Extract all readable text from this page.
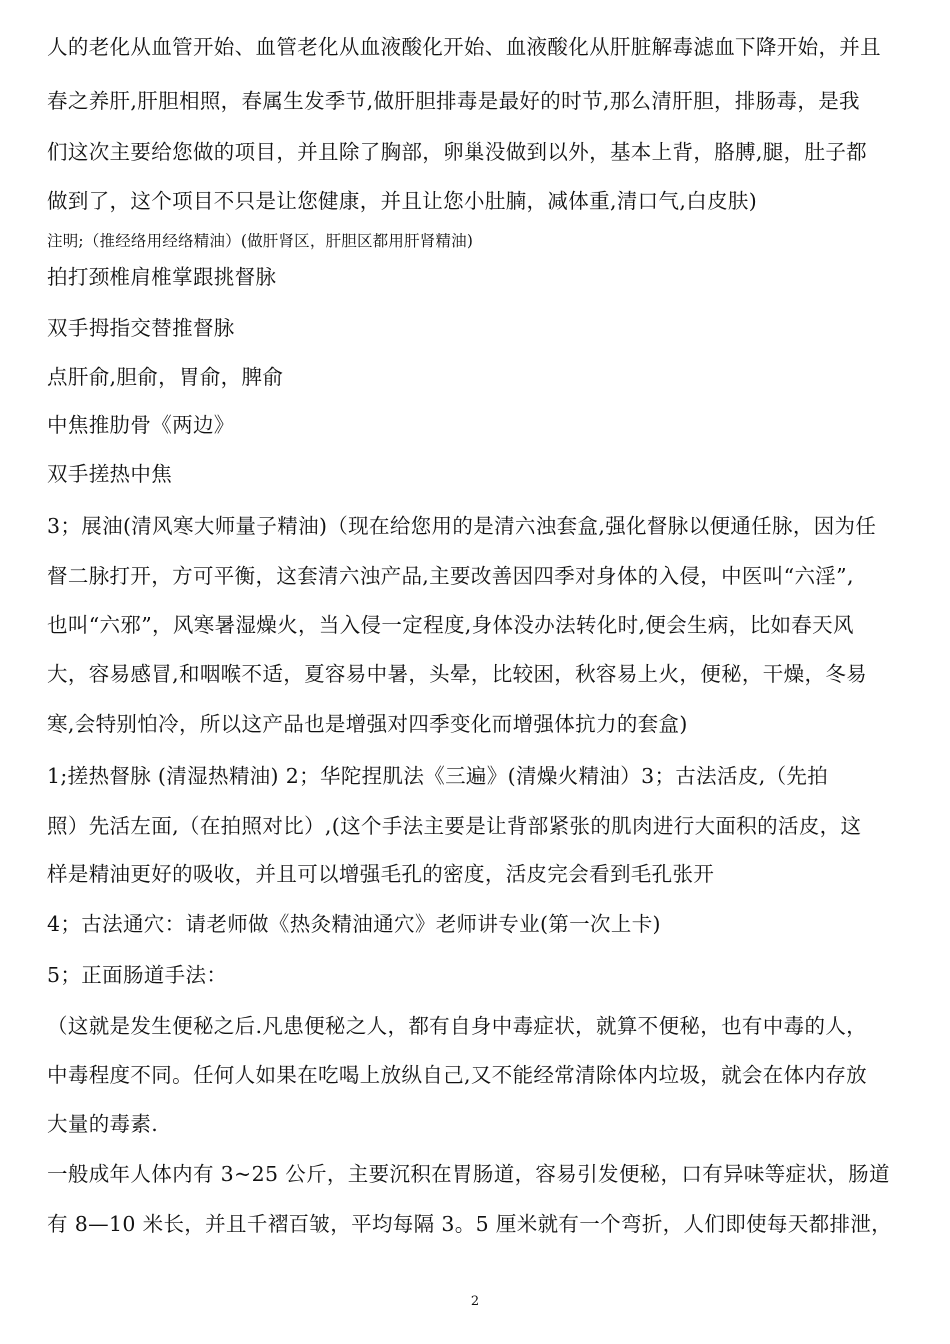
人的老化从血管开始、血管老化从血液酸化开始、血液酸化从肝脏解毒滤血下降开始，并且
春之养肝,肝胆相照，春属生发季节,做肝胆排毒是最好的时节,那么清肝胆，排肠毒，是我
们这次主要给您做的项目，并且除了胸部，卵巢没做到以外，基本上背，胳膊,腿，肚子都
做到了，这个项目不只是让您健康，并且让您小肚腩，减体重,清口气,白皮肤)
注明;（推经络用经络精油）(做肝肾区，肝胆区都用肝肾精油)
拍打颈椎肩椎掌跟挑督脉
双手拇指交替推督脉
点肝俞,胆俞，胃俞，脾俞
中焦推肋骨《两边》
双手搓热中焦
3；展油(清风寒大师量子精油)（现在给您用的是清六浊套盒,强化督脉以便通任脉，因为任
督二脉打开，方可平衡，这套清六浊产品,主要改善因四季对身体的入侵，中医叫“六淫”,
也叫“六邪”，风寒暑湿燥火，当入侵一定程度,身体没办法转化时,便会生病，比如春天风
大，容易感冒,和咽喉不适，夏容易中暑，头晕，比较困，秋容易上火，便秘，干燥，冬易
寒,会特别怕冷，所以这产品也是增强对四季变化而增强体抗力的套盒)
1;搓热督脉 (清湿热精油) 2；华陀捏肌法《三遍》(清燥火精油）3；古法活皮,（先拍
照）先活左面,（在拍照对比）,(这个手法主要是让背部紧张的肌肉进行大面积的活皮，这
样是精油更好的吸收，并且可以增强毛孔的密度，活皮完会看到毛孔张开
4；古法通穴：请老师做《热灸精油通穴》老师讲专业(第一次上卡)
5；正面肠道手法：
（这就是发生便秘之后.凡患便秘之人，都有自身中毒症状，就算不便秘，也有中毒的人，
中毒程度不同。任何人如果在吃喝上放纵自己,又不能经常清除体内垃圾，就会在体内存放
大量的毒素.
一般成年人体内有 3~25 公斤，主要沉积在胃肠道，容易引发便秘，口有异味等症状，肠道
有 8—10 米长，并且千褶百皱，平均每隔 3。5 厘米就有一个弯折，人们即使每天都排泄，
2
